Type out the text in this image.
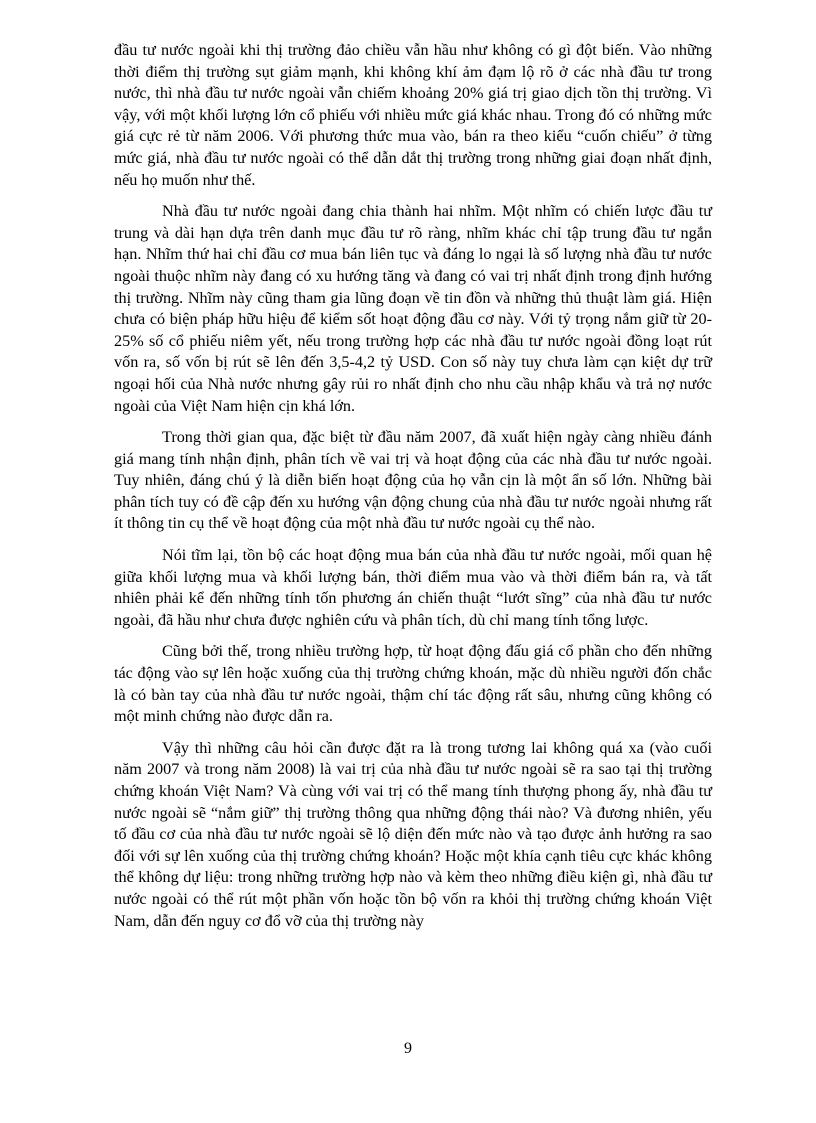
đầu tư nước ngoài khi thị trường đảo chiều vẫn hầu như không có gì đột biến. Vào những thời điểm thị trường sụt giảm mạnh, khi không khí ảm đạm lộ rõ ở các nhà đầu tư trong nước, thì nhà đầu tư nước ngoài vẫn chiếm khoảng 20% giá trị giao dịch tồn thị trường. Vì vậy, với một khối lượng lớn cổ phiếu với nhiều mức giá khác nhau. Trong đó có những mức giá cực rẻ từ năm 2006. Với phương thức mua vào, bán ra theo kiểu “cuốn chiếu” ở từng mức giá, nhà đầu tư nước ngoài có thể dẫn dắt thị trường trong những giai đoạn nhất định, nếu họ muốn như thế.

Nhà đầu tư nước ngoài đang chia thành hai nhĩm. Một nhĩm có chiến lược đầu tư trung và dài hạn dựa trên danh mục đầu tư rõ ràng, nhĩm khác chỉ tập trung đầu tư ngắn hạn. Nhĩm thứ hai chỉ đầu cơ mua bán liên tục và đáng lo ngại là số lượng nhà đầu tư nước ngoài thuộc nhĩm này đang có xu hướng tăng và đang có vai trị nhất định trong định hướng thị trường. Nhĩm này cũng tham gia lũng đoạn về tin đồn và những thủ thuật làm giá. Hiện chưa có biện pháp hữu hiệu để kiểm sốt hoạt động đầu cơ này. Với tỷ trọng nắm giữ từ 20-25% số cổ phiếu niêm yết, nếu trong trường hợp các nhà đầu tư nước ngoài đồng loạt rút vốn ra, số vốn bị rút sẽ lên đến 3,5-4,2 tỷ USD. Con số này tuy chưa làm cạn kiệt dự trữ ngoại hối của Nhà nước nhưng gây rủi ro nhất định cho nhu cầu nhập khẩu và trả nợ nước ngoài của Việt Nam hiện cịn khá lớn.

Trong thời gian qua, đặc biệt từ đầu năm 2007, đã xuất hiện ngày càng nhiều đánh giá mang tính nhận định, phân tích về vai trị và hoạt động của các nhà đầu tư nước ngoài. Tuy nhiên, đáng chú ý là diễn biến hoạt động của họ vẫn cịn là một ẩn số lớn. Những bài phân tích tuy có đề cập đến xu hướng vận động chung của nhà đầu tư nước ngoài nhưng rất ít thông tin cụ thể về hoạt động của một nhà đầu tư nước ngoài cụ thể nào.

Nói tĩm lại, tồn bộ các hoạt động mua bán của nhà đầu tư nước ngoài, mối quan hệ giữa khối lượng mua và khối lượng bán, thời điểm mua vào và thời điểm bán ra, và tất nhiên phải kể đến những tính tốn phương án chiến thuật “lướt sĩng” của nhà đầu tư nước ngoài, đã hầu như chưa được nghiên cứu và phân tích, dù chỉ mang tính tổng lược.

Cũng bởi thế, trong nhiều trường hợp, từ hoạt động đấu giá cổ phần cho đến những tác động vào sự lên hoặc xuống của thị trường chứng khoán, mặc dù nhiều người đốn chắc là có bàn tay của nhà đầu tư nước ngoài, thậm chí tác động rất sâu, nhưng cũng không có một minh chứng nào được dẫn ra.

Vậy thì những câu hỏi cần được đặt ra là trong tương lai không quá xa (vào cuối năm 2007 và trong năm 2008) là vai trị của nhà đầu tư nước ngoài sẽ ra sao tại thị trường chứng khoán Việt Nam? Và cùng với vai trị có thể mang tính thượng phong ấy, nhà đầu tư nước ngoài sẽ “nắm giữ” thị trường thông qua những động thái nào? Và đương nhiên, yếu tố đầu cơ của nhà đầu tư nước ngoài sẽ lộ diện đến mức nào và tạo được ảnh hưởng ra sao đối với sự lên xuống của thị trường chứng khoán? Hoặc một khía cạnh tiêu cực khác không thể không dự liệu: trong những trường hợp nào và kèm theo những điều kiện gì, nhà đầu tư nước ngoài có thể rút một phần vốn hoặc tồn bộ vốn ra khỏi thị trường chứng khoán Việt Nam, dẫn đến nguy cơ đổ vỡ của thị trường này

9
